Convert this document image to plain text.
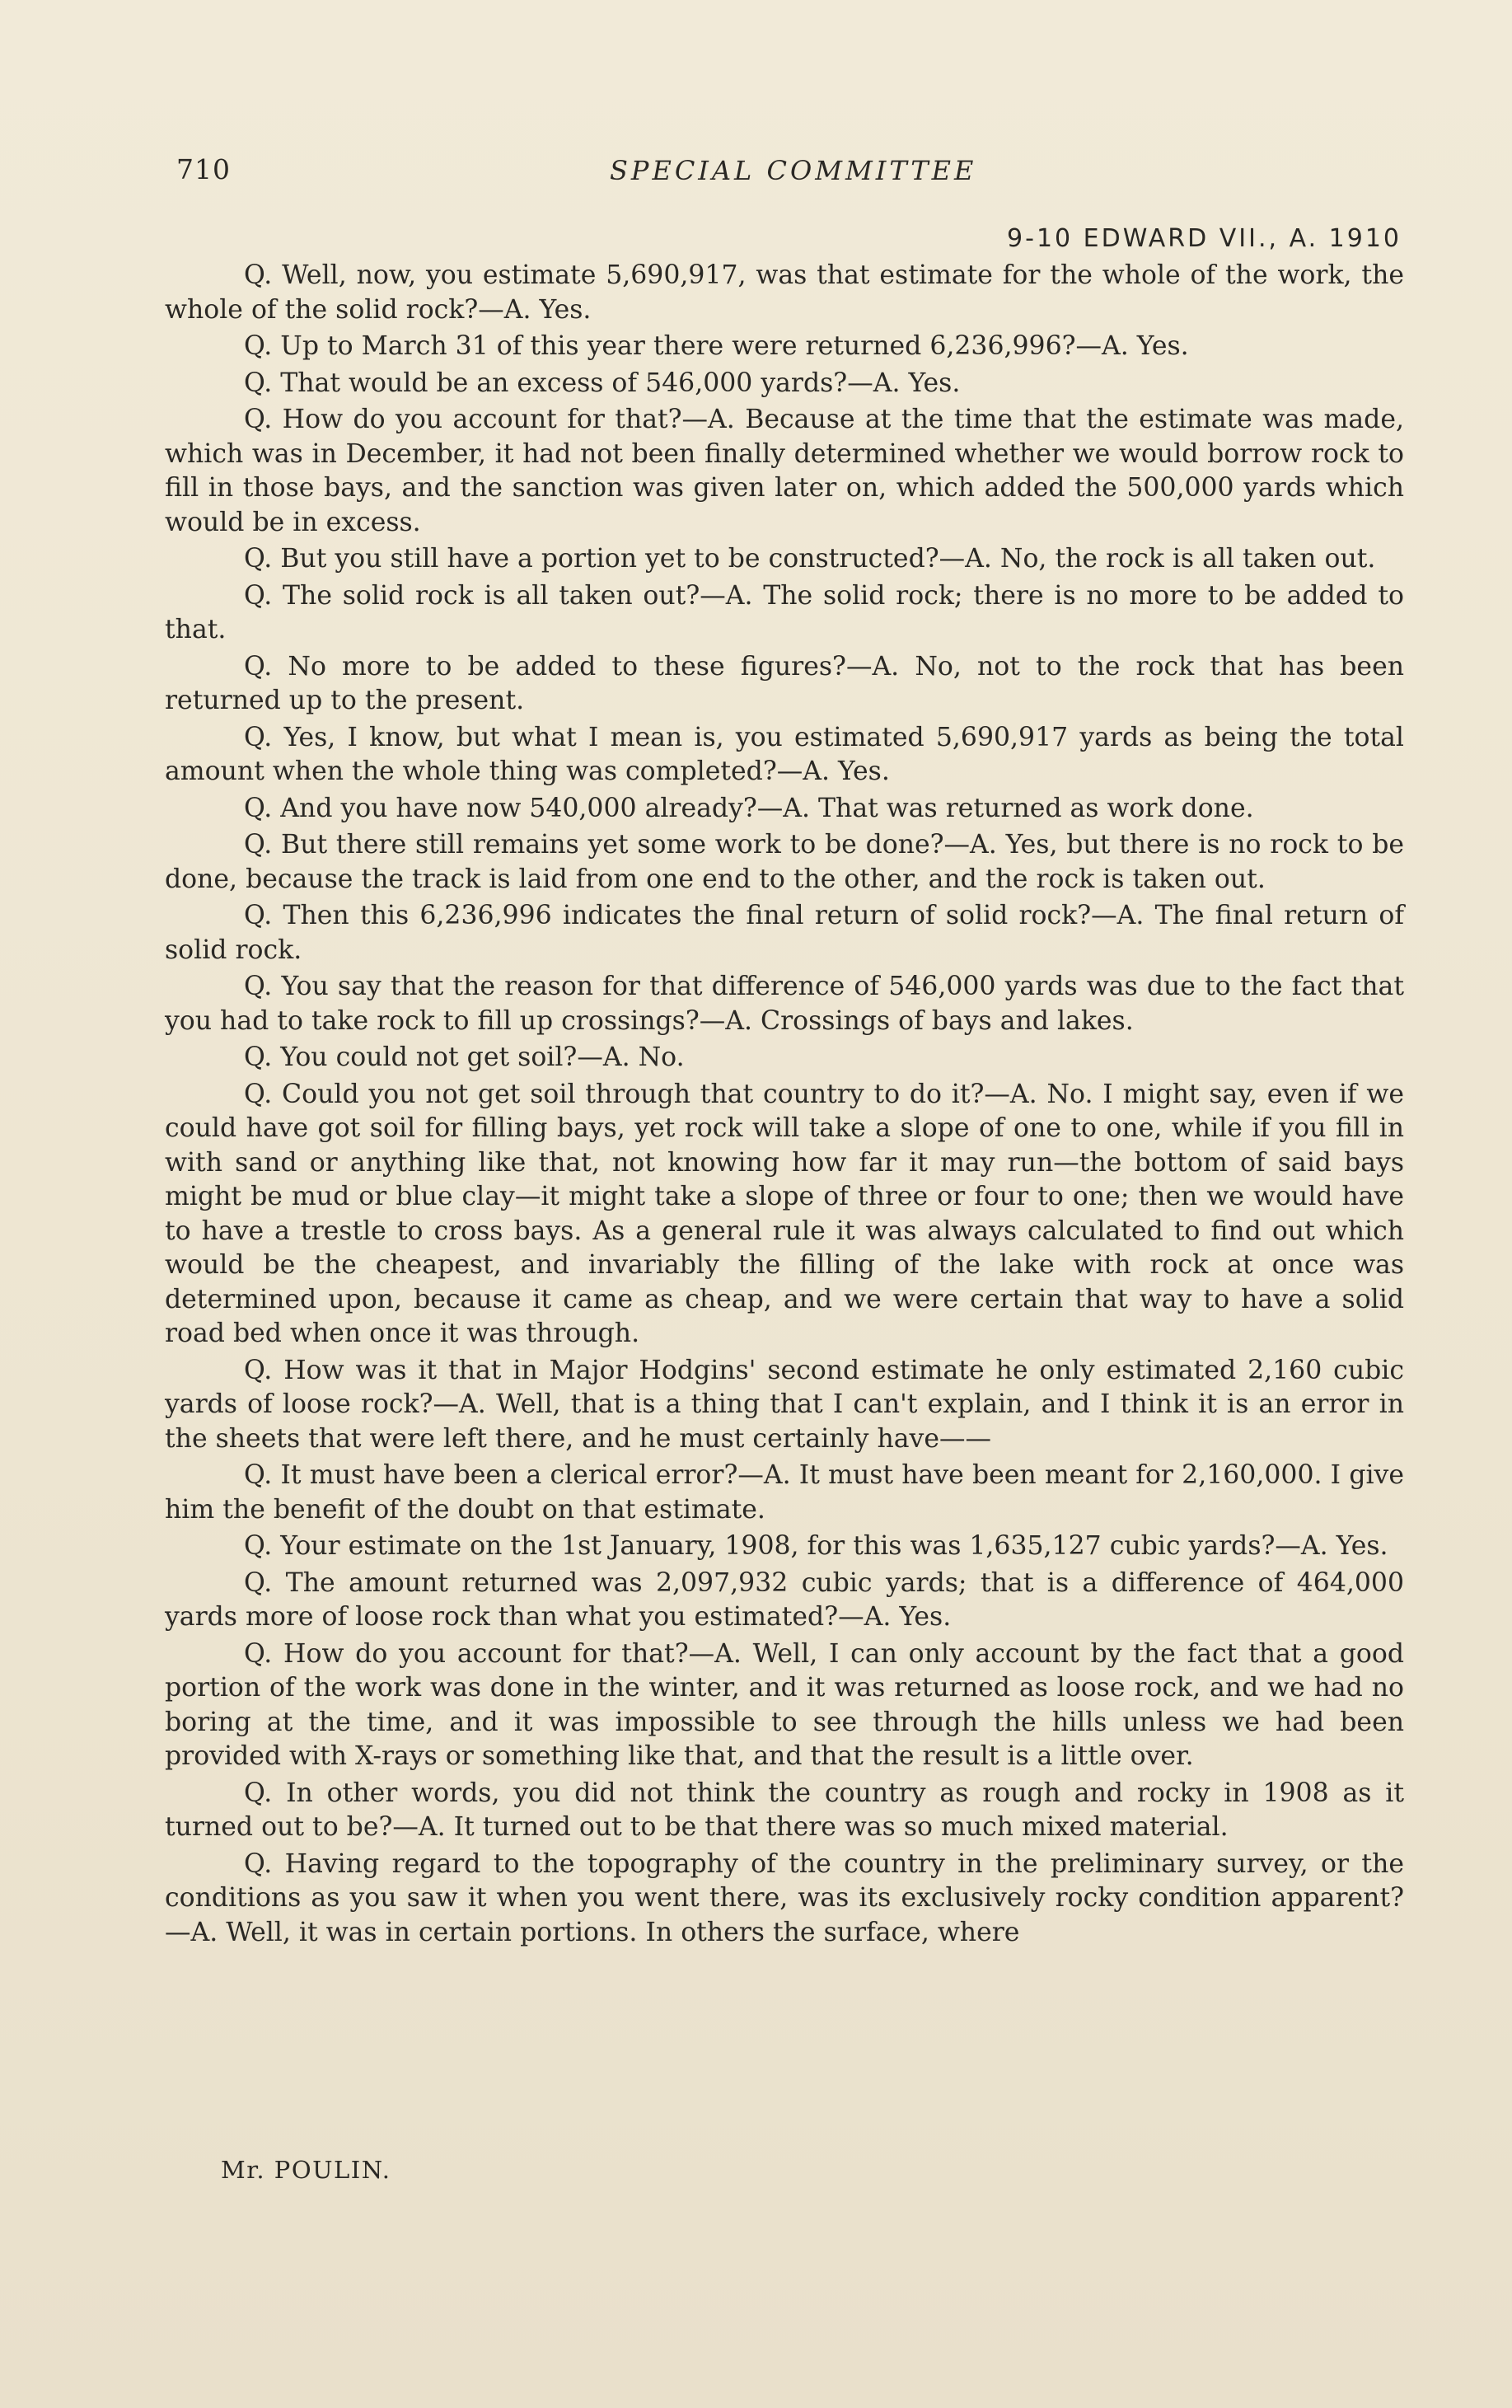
710	SPECIAL COMMITTEE
9-10 EDWARD VII., A. 1910

Q. Well, now, you estimate 5,690,917, was that estimate for the whole of the work, the whole of the solid rock?—A. Yes.

Q. Up to March 31 of this year there were returned 6,236,996?—A. Yes.

Q. That would be an excess of 546,000 yards?—A. Yes.

Q. How do you account for that?—A. Because at the time that the estimate was made, which was in December, it had not been finally determined whether we would borrow rock to fill in those bays, and the sanction was given later on, which added the 500,000 yards which would be in excess.

Q. But you still have a portion yet to be constructed?—A. No, the rock is all taken out.

Q. The solid rock is all taken out?—A. The solid rock; there is no more to be added to that.

Q. No more to be added to these figures?—A. No, not to the rock that has been returned up to the present.

Q. Yes, I know, but what I mean is, you estimated 5,690,917 yards as being the total amount when the whole thing was completed?—A. Yes.

Q. And you have now 540,000 already?—A. That was returned as work done.

Q. But there still remains yet some work to be done?—A. Yes, but there is no rock to be done, because the track is laid from one end to the other, and the rock is taken out.

Q. Then this 6,236,996 indicates the final return of solid rock?—A. The final return of solid rock.

Q. You say that the reason for that difference of 546,000 yards was due to the fact that you had to take rock to fill up crossings?—A. Crossings of bays and lakes.

Q. You could not get soil?—A. No.

Q. Could you not get soil through that country to do it?—A. No. I might say, even if we could have got soil for filling bays, yet rock will take a slope of one to one, while if you fill in with sand or anything like that, not knowing how far it may run—the bottom of said bays might be mud or blue clay—it might take a slope of three or four to one; then we would have to have a trestle to cross bays. As a general rule it was always calculated to find out which would be the cheapest, and invariably the filling of the lake with rock at once was determined upon, because it came as cheap, and we were certain that way to have a solid road bed when once it was through.

Q. How was it that in Major Hodgins' second estimate he only estimated 2,160 cubic yards of loose rock?—A. Well, that is a thing that I can't explain, and I think it is an error in the sheets that were left there, and he must certainly have——

Q. It must have been a clerical error?—A. It must have been meant for 2,160,000. I give him the benefit of the doubt on that estimate.

Q. Your estimate on the 1st January, 1908, for this was 1,635,127 cubic yards?—A. Yes.

Q. The amount returned was 2,097,932 cubic yards; that is a difference of 464,000 yards more of loose rock than what you estimated?—A. Yes.

Q. How do you account for that?—A. Well, I can only account by the fact that a good portion of the work was done in the winter, and it was returned as loose rock, and we had no boring at the time, and it was impossible to see through the hills unless we had been provided with X-rays or something like that, and that the result is a little over.

Q. In other words, you did not think the country as rough and rocky in 1908 as it turned out to be?—A. It turned out to be that there was so much mixed material.

Q. Having regard to the topography of the country in the preliminary survey, or the conditions as you saw it when you went there, was its exclusively rocky condition apparent?—A. Well, it was in certain portions. In others the surface, where

Mr. POULIN.
